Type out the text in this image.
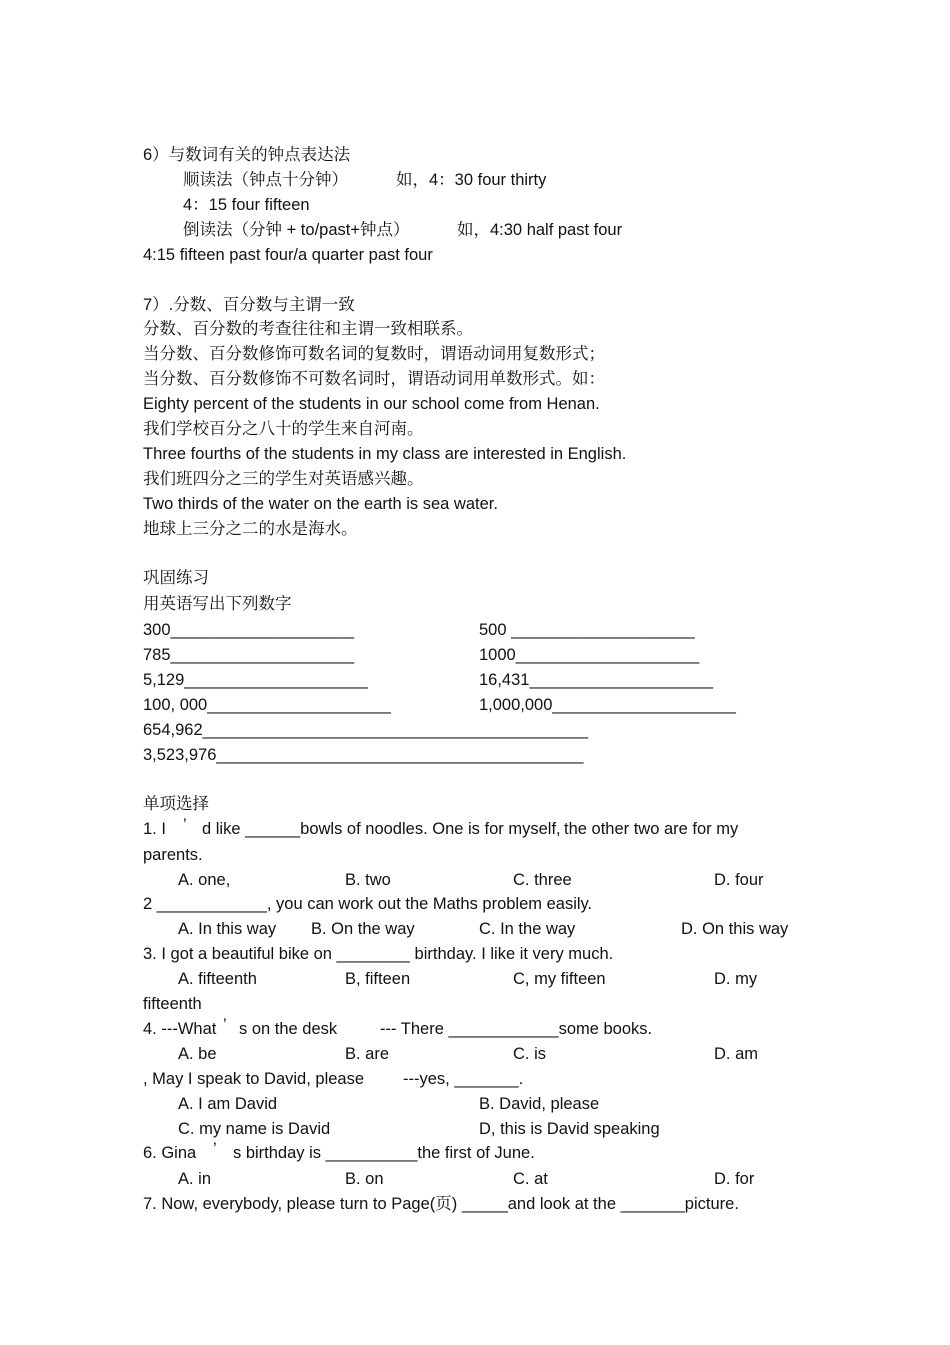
6）与数词有关的钟点表达法
顺读法（钟点十分钟）	如，4：30 four thirty
4：15 four fifteen
倒读法（分钟 + to/past+钟点）	如，4:30 half past four
4:15 fifteen past four/a quarter past four
7）.分数、百分数与主谓一致
分数、百分数的考查往往和主谓一致相联系。
当分数、百分数修饰可数名词的复数时，谓语动词用复数形式；
当分数、百分数修饰不可数名词时，谓语动词用单数形式。如：
Eighty percent of the students in our school come from Henan.
我们学校百分之八十的学生来自河南。
Three fourths of the students in my class are interested in English.
我们班四分之三的学生对英语感兴趣。
Two thirds of the water on the earth is sea water.
地球上三分之二的水是海水。
巩固练习
用英语写出下列数字
300____________________	500 ____________________
785____________________	1000____________________
5,129____________________	16,431____________________
100, 000____________________	1,000,000____________________
654,962__________________________________________
3,523,976________________________________________
单项选择
1. I ’ d like ______bowls of noodles. One is for myself, the other two are for my
parents.
A. one,	B. two	C. three	D. four
2 ____________, you can work out the Maths problem easily.
A. In this way B. On the way	C. In the way	D. On this way
3. I got a beautiful bike on ________ birthday. I like it very much.
A. fifteenth	B, fifteen	C, my fifteen	D. my
fifteenth
4. ---What ’ s on the desk	--- There ____________some books.
A. be	B. are	C. is	D. am
, May I speak to David, please ---yes, _______.
A. I am David	B. David, please
C. my name is David	D, this is David speaking
6. Gina ’ s birthday is __________the first of June.
A. in	B. on	C. at	D. for
7. Now, everybody, please turn to Page(页) _____and look at the _______picture.
